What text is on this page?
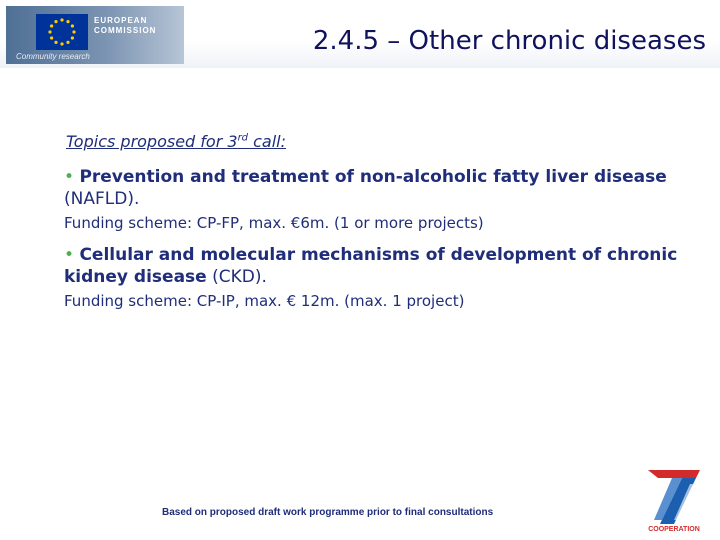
EUROPEAN
COMMISSION
Community research
2.4.5 – Other chronic diseases
Topics proposed for 3rd call:
• Prevention and treatment of non-alcoholic fatty liver disease (NAFLD).
Funding scheme: CP-FP, max. €6m. (1 or more projects)
• Cellular and molecular mechanisms of development of chronic kidney disease (CKD).
Funding scheme: CP-IP, max. € 12m. (max. 1 project)
Based on proposed draft work programme prior to final consultations
COOPERATION
